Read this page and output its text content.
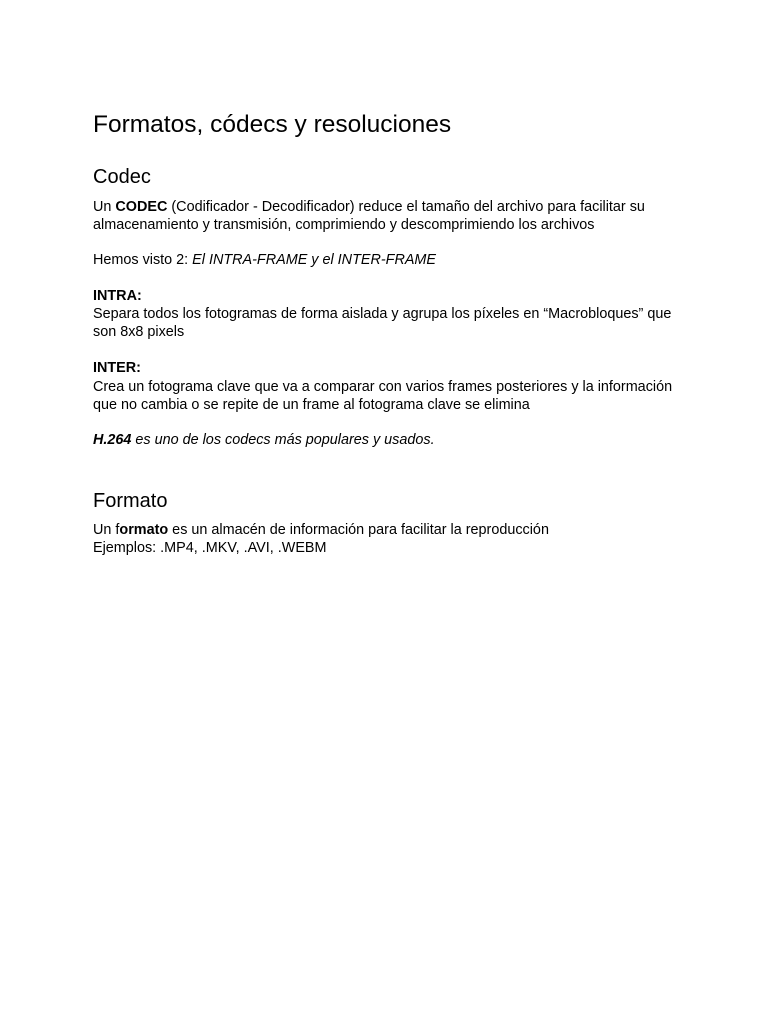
Formatos, códecs y resoluciones
Codec
Un CODEC (Codificador - Decodificador) reduce el tamaño del archivo para facilitar su
almacenamiento y transmisión, comprimiendo y descomprimiendo los archivos
Hemos visto 2: El INTRA-FRAME y el INTER-FRAME
INTRA:
Separa todos los fotogramas de forma aislada y agrupa los píxeles en “Macrobloques” que
son 8x8 pixels
INTER:
Crea un fotograma clave que va a comparar con varios frames posteriores y la información
que no cambia o se repite de un frame al fotograma clave se elimina
H.264 es uno de los codecs más populares y usados.
Formato
Un formato es un almacén de información para facilitar la reproducción
Ejemplos: .MP4, .MKV, .AVI, .WEBM
